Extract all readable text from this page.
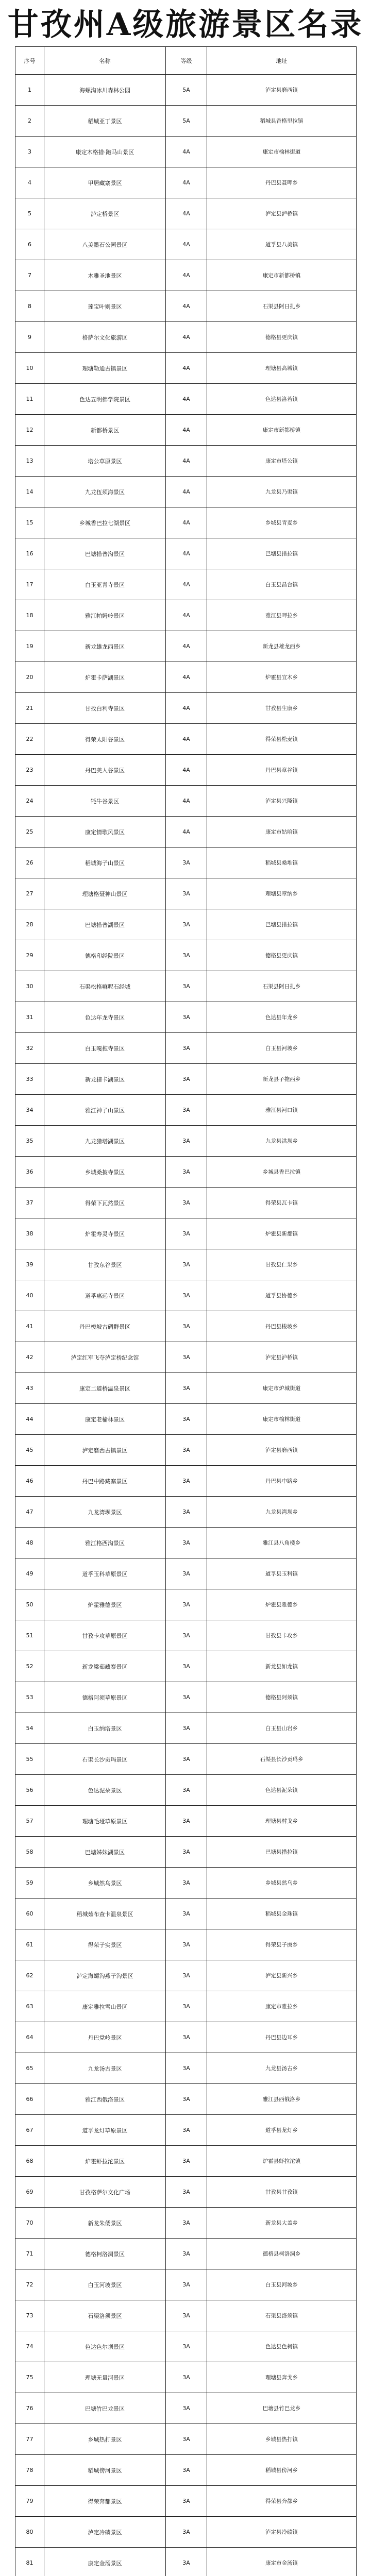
甘孜州A级旅游景区名录
序号	名称	等级	地址
1	海螺沟冰川森林公园	5A	泸定县磨西镇
2	稻城亚丁景区	5A	稻城县香格里拉镇
3	康定木格措·跑马山景区	4A	康定市榆林街道
4	甲居藏寨景区	4A	丹巴县聂呷乡
5	泸定桥景区	4A	泸定县泸桥镇
6	八美墨石公园景区	4A	道孚县八美镇
7	木雅圣地景区	4A	康定市新都桥镇
8	莲宝叶则景区	4A	石渠县阿日扎乡
9	格萨尔文化旅游区	4A	德格县更庆镇
10	理塘勒通古镇景区	4A	理塘县高城镇
11	色达五明佛学院景区	4A	色达县洛若镇
12	新都桥景区	4A	康定市新都桥镇
13	塔公草原景区	4A	康定市塔公镇
14	九龙伍须海景区	4A	九龙县乃渠镇
15	乡城香巴拉七湖景区	4A	乡城县青麦乡
16	巴塘措普沟景区	4A	巴塘县措拉镇
17	白玉亚青寺景区	4A	白玉县昌台镇
18	雅江帕姆岭景区	4A	雅江县呷拉乡
19	新龙雄龙西景区	4A	新龙县雄龙西乡
20	炉霍卡萨湖景区	4A	炉霍县宜木乡
21	甘孜白利寺景区	4A	甘孜县生康乡
22	得荣太阳谷景区	4A	得荣县松麦镇
23	丹巴美人谷景区	4A	丹巴县章谷镇
24	牦牛谷景区	4A	泸定县兴隆镇
25	康定情歌风景区	4A	康定市姑咱镇
26	稻城海子山景区	3A	稻城县桑堆镇
27	理塘格聂神山景区	3A	理塘县章纳乡
28	巴塘措普湖景区	3A	巴塘县措拉镇
29	德格印经院景区	3A	德格县更庆镇
30	石渠松格嘛呢石经城	3A	石渠县阿日扎乡
31	色达年龙寺景区	3A	色达县年龙乡
32	白玉嘎拖寺景区	3A	白玉县河坡乡
33	新龙措卡湖景区	3A	新龙县子拖西乡
34	雅江神子山景区	3A	雅江县河口镇
35	九龙猎塔湖景区	3A	九龙县洪坝乡
36	乡城桑披寺景区	3A	乡城县香巴拉镇
37	得荣下瓦然景区	3A	得荣县瓦卡镇
38	炉霍寿灵寺景区	3A	炉霍县新都镇
39	甘孜东谷景区	3A	甘孜县仁果乡
40	道孚惠远寺景区	3A	道孚县协德乡
41	丹巴梭坡古碉群景区	3A	丹巴县梭坡乡
42	泸定红军飞夺泸定桥纪念馆	3A	泸定县泸桥镇
43	康定二道桥温泉景区	3A	康定市炉城街道
44	康定老榆林景区	3A	康定市榆林街道
45	泸定磨西古镇景区	3A	泸定县磨西镇
46	丹巴中路藏寨景区	3A	丹巴县中路乡
47	九龙湾坝景区	3A	九龙县湾坝乡
48	雅江格西沟景区	3A	雅江县八角楼乡
49	道孚玉科草原景区	3A	道孚县玉科镇
50	炉霍雅德景区	3A	炉霍县雅德乡
51	甘孜卡攻草原景区	3A	甘孜县卡攻乡
52	新龙梁茹藏寨景区	3A	新龙县如龙镇
53	德格阿须草原景区	3A	德格县阿须镇
54	白玉纳塔景区	3A	白玉县山岩乡
55	石渠长沙贡玛景区	3A	石渠县长沙贡玛乡
56	色达泥朵景区	3A	色达县泥朵镇
57	理塘毛垭草原景区	3A	理塘县村戈乡
58	巴塘姊妹湖景区	3A	巴塘县措拉镇
59	乡城然乌景区	3A	乡城县然乌乡
60	稻城茹布查卡温泉景区	3A	稻城县金珠镇
61	得荣子实景区	3A	得荣县子庚乡
62	泸定海螺沟燕子沟景区	3A	泸定县新兴乡
63	康定雅拉雪山景区	3A	康定市雅拉乡
64	丹巴党岭景区	3A	丹巴县边耳乡
65	九龙汤古景区	3A	九龙县汤古乡
66	雅江西俄洛景区	3A	雅江县西俄洛乡
67	道孚龙灯草原景区	3A	道孚县龙灯乡
68	炉霍虾拉沱景区	3A	炉霍县虾拉沱镇
69	甘孜格萨尔文化广场	3A	甘孜县甘孜镇
70	新龙朱倭景区	3A	新龙县大盖乡
71	德格柯洛洞景区	3A	德格县柯洛洞乡
72	白玉河坡景区	3A	白玉县河坡乡
73	石渠洛须景区	3A	石渠县洛须镇
74	色达色尔坝景区	3A	色达县色柯镇
75	理塘无量河景区	3A	理塘县奔戈乡
76	巴塘竹巴龙景区	3A	巴塘县竹巴龙乡
77	乡城热打景区	3A	乡城县热打镇
78	稻城傍河景区	3A	稻城县傍河乡
79	得荣奔都景区	3A	得荣县奔都乡
80	泸定冷碛景区	3A	泸定县冷碛镇
81	康定金汤景区	3A	康定市金汤镇
